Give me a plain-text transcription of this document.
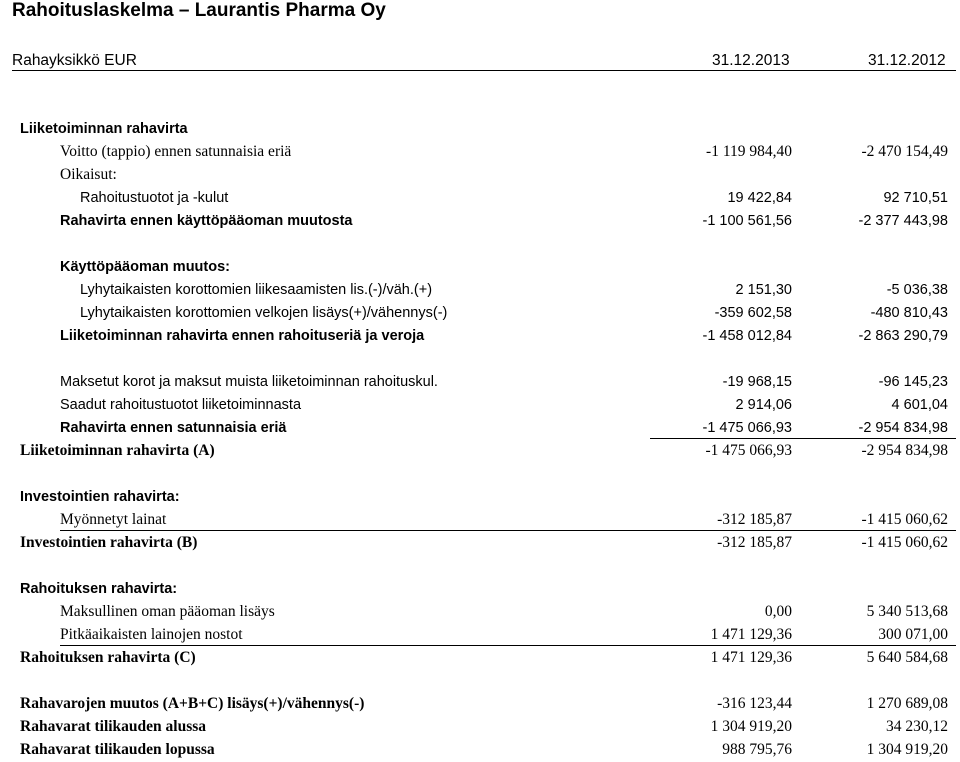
Rahoituslaskelma – Laurantis Pharma Oy
Rahayksikkö EUR	31.12.2013	31.12.2012
Liiketoiminnan rahavirta
Voitto (tappio) ennen satunnaisia eriä	-1 119 984,40	-2 470 154,49
Oikaisut:
Rahoitustuotot ja -kulut	19 422,84	92 710,51
Rahavirta ennen käyttöpääoman muutosta	-1 100 561,56	-2 377 443,98
Käyttöpääoman muutos:
Lyhytaikaisten korottomien liikesaamisten lis.(-)/väh.(+)	2 151,30	-5 036,38
Lyhytaikaisten korottomien velkojen lisäys(+)/vähennys(-)	-359 602,58	-480 810,43
Liiketoiminnan rahavirta ennen rahoituseriä ja veroja	-1 458 012,84	-2 863 290,79
Maksetut korot ja maksut muista liiketoiminnan rahoituskul.	-19 968,15	-96 145,23
Saadut rahoitustuotot liiketoiminnasta	2 914,06	4 601,04
Rahavirta ennen satunnaisia eriä	-1 475 066,93	-2 954 834,98
Liiketoiminnan rahavirta (A)	-1 475 066,93	-2 954 834,98
Investointien rahavirta:
Myönnetyt lainat	-312 185,87	-1 415 060,62
Investointien rahavirta (B)	-312 185,87	-1 415 060,62
Rahoituksen rahavirta:
Maksullinen oman pääoman lisäys	0,00	5 340 513,68
Pitkäaikaisten lainojen nostot	1 471 129,36	300 071,00
Rahoituksen rahavirta (C)	1 471 129,36	5 640 584,68
Rahavarojen muutos (A+B+C) lisäys(+)/vähennys(-)	-316 123,44	1 270 689,08
Rahavarat tilikauden alussa	1 304 919,20	34 230,12
Rahavarat tilikauden lopussa	988 795,76	1 304 919,20
